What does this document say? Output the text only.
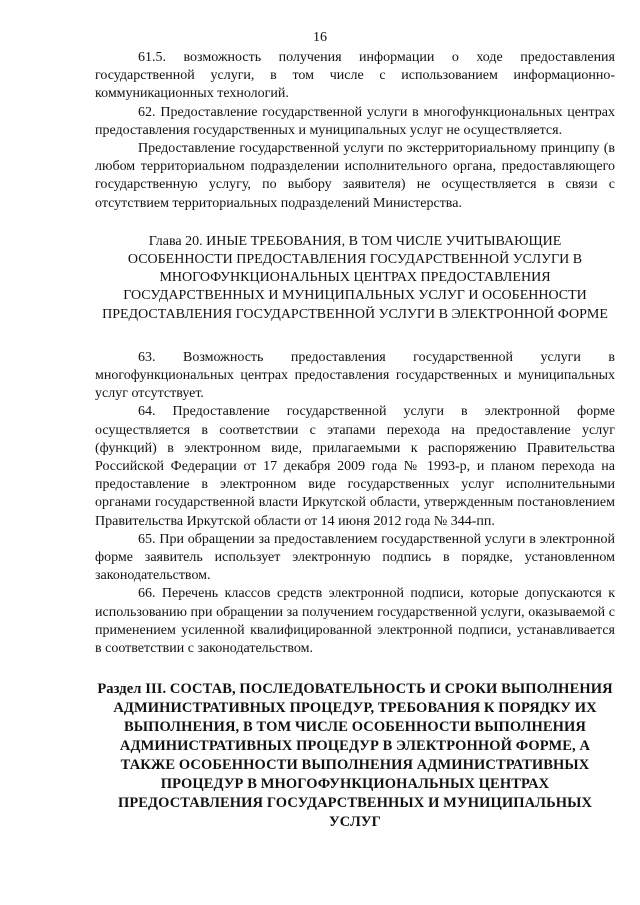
16

61.5. возможность получения информации о ходе предоставления государственной услуги, в том числе с использованием информационно-коммуникационных технологий.

62. Предоставление государственной услуги в многофункциональных центрах предоставления государственных и муниципальных услуг не осуществляется.

Предоставление государственной услуги по экстерриториальному принципу (в любом территориальном подразделении исполнительного органа, предоставляющего государственную услугу, по выбору заявителя) не осуществляется в связи с отсутствием территориальных подразделений Министерства.

Глава 20. ИНЫЕ ТРЕБОВАНИЯ, В ТОМ ЧИСЛЕ УЧИТЫВАЮЩИЕ ОСОБЕННОСТИ ПРЕДОСТАВЛЕНИЯ ГОСУДАРСТВЕННОЙ УСЛУГИ В МНОГОФУНКЦИОНАЛЬНЫХ ЦЕНТРАХ ПРЕДОСТАВЛЕНИЯ ГОСУДАРСТВЕННЫХ И МУНИЦИПАЛЬНЫХ УСЛУГ И ОСОБЕННОСТИ ПРЕДОСТАВЛЕНИЯ ГОСУДАРСТВЕННОЙ УСЛУГИ В ЭЛЕКТРОННОЙ ФОРМЕ

63. Возможность предоставления государственной услуги в многофункциональных центрах предоставления государственных и муниципальных услуг отсутствует.

64. Предоставление государственной услуги в электронной форме осуществляется в соответствии с этапами перехода на предоставление услуг (функций) в электронном виде, прилагаемыми к распоряжению Правительства Российской Федерации от 17 декабря 2009 года № 1993-р, и планом перехода на предоставление в электронном виде государственных услуг исполнительными органами государственной власти Иркутской области, утвержденным постановлением Правительства Иркутской области от 14 июня 2012 года № 344-пп.

65. При обращении за предоставлением государственной услуги в электронной форме заявитель использует электронную подпись в порядке, установленном законодательством.

66. Перечень классов средств электронной подписи, которые допускаются к использованию при обращении за получением государственной услуги, оказываемой с применением усиленной квалифицированной электронной подписи, устанавливается в соответствии с законодательством.

Раздел III. СОСТАВ, ПОСЛЕДОВАТЕЛЬНОСТЬ И СРОКИ ВЫПОЛНЕНИЯ АДМИНИСТРАТИВНЫХ ПРОЦЕДУР, ТРЕБОВАНИЯ К ПОРЯДКУ ИХ ВЫПОЛНЕНИЯ, В ТОМ ЧИСЛЕ ОСОБЕННОСТИ ВЫПОЛНЕНИЯ АДМИНИСТРАТИВНЫХ ПРОЦЕДУР В ЭЛЕКТРОННОЙ ФОРМЕ, А ТАКЖЕ ОСОБЕННОСТИ ВЫПОЛНЕНИЯ АДМИНИСТРАТИВНЫХ ПРОЦЕДУР В МНОГОФУНКЦИОНАЛЬНЫХ ЦЕНТРАХ ПРЕДОСТАВЛЕНИЯ ГОСУДАРСТВЕННЫХ И МУНИЦИПАЛЬНЫХ УСЛУГ
